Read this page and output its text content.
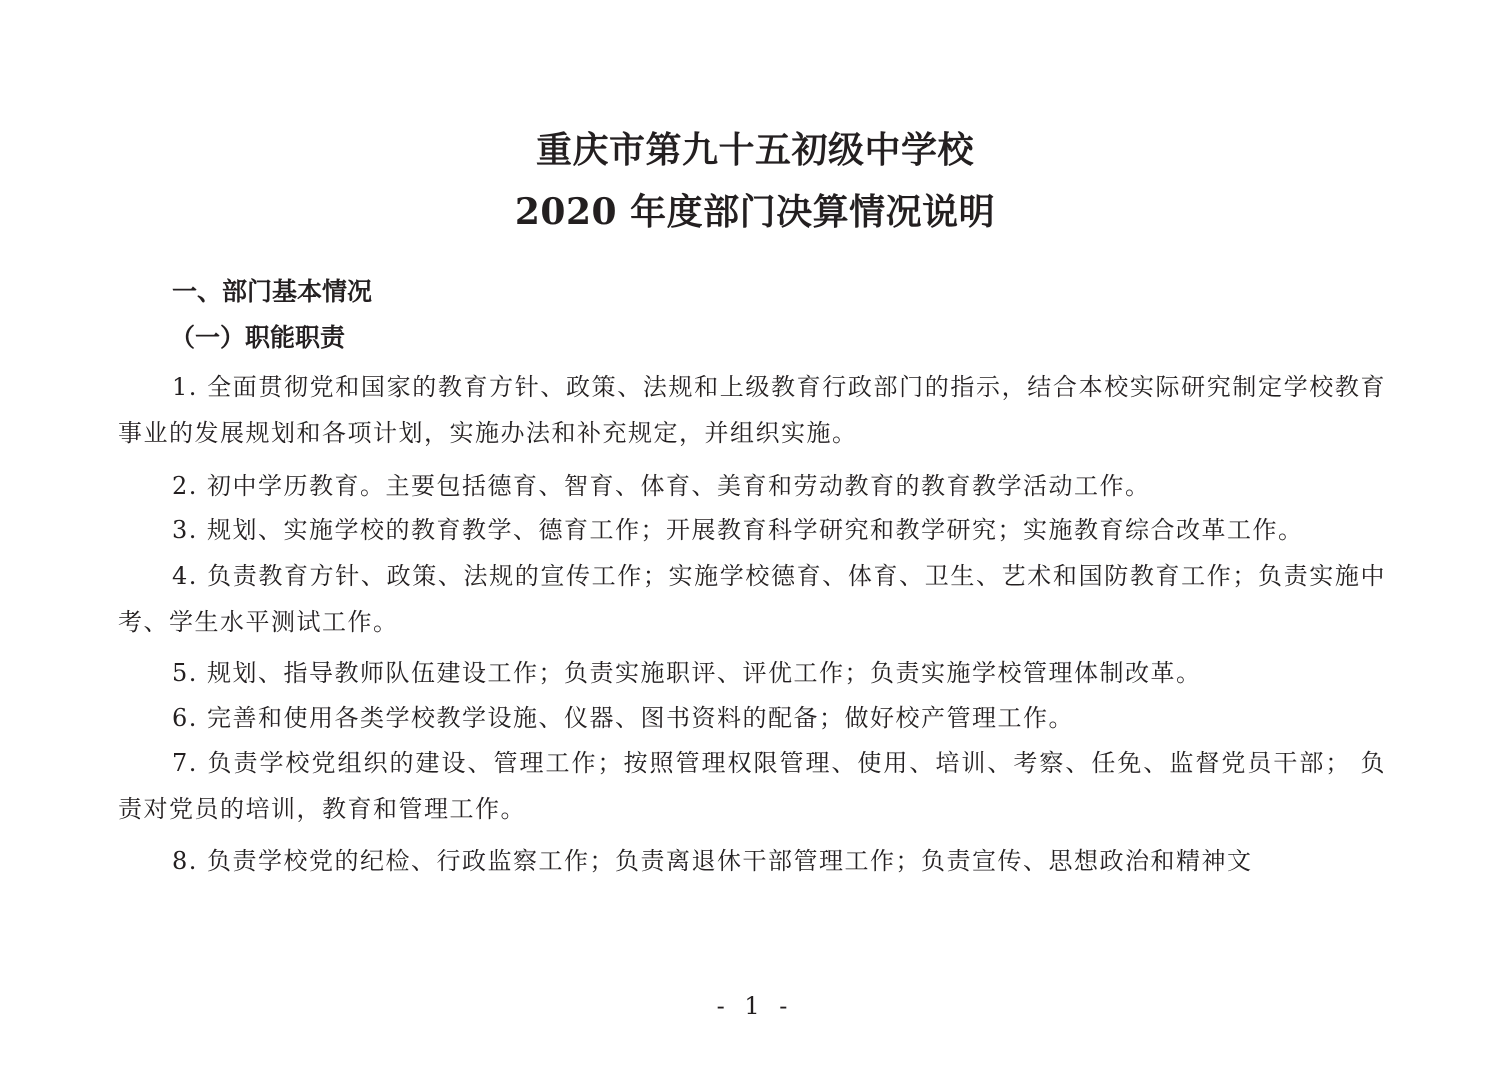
重庆市第九十五初级中学校
2020 年度部门决算情况说明
一、部门基本情况
（一）职能职责

1. 全面贯彻党和国家的教育方针、政策、法规和上级教育行政部门的指示，结合本校实际研究制定学校教育事业的发展规划和各项计划，实施办法和补充规定，并组织实施。

2. 初中学历教育。主要包括德育、智育、体育、美育和劳动教育的教育教学活动工作。

3. 规划、实施学校的教育教学、德育工作；开展教育科学研究和教学研究；实施教育综合改革工作。

4. 负责教育方针、政策、法规的宣传工作；实施学校德育、体育、卫生、艺术和国防教育工作；负责实施中考、学生水平测试工作。

5. 规划、指导教师队伍建设工作；负责实施职评、评优工作；负责实施学校管理体制改革。

6. 完善和使用各类学校教学设施、仪器、图书资料的配备；做好校产管理工作。

7. 负责学校党组织的建设、管理工作；按照管理权限管理、使用、培训、考察、任免、监督党员干部； 负责对党员的培训，教育和管理工作。

8. 负责学校党的纪检、行政监察工作；负责离退休干部管理工作；负责宣传、思想政治和精神文

- 1 -
